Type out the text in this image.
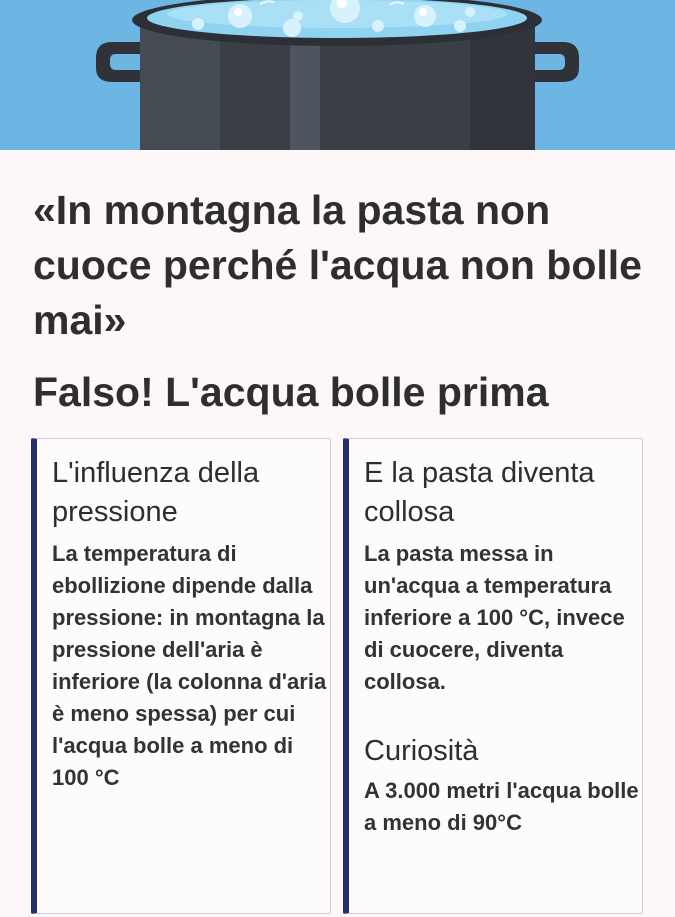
«In montagna la pasta non cuoce perché l'acqua non bolle mai»
Falso! L'acqua bolle prima
L'influenza della pressione

La temperatura di ebollizione dipende dalla pressione: in montagna la pressione dell'aria è inferiore (la colonna d'aria è meno spessa) per cui l'acqua bolle a meno di 100 °C

E la pasta diventa collosa

La pasta messa in un'acqua a temperatura inferiore a 100 °C, invece di cuocere, diventa collosa.

Curiosità

A 3.000 metri l'acqua bolle a meno di 90°C
